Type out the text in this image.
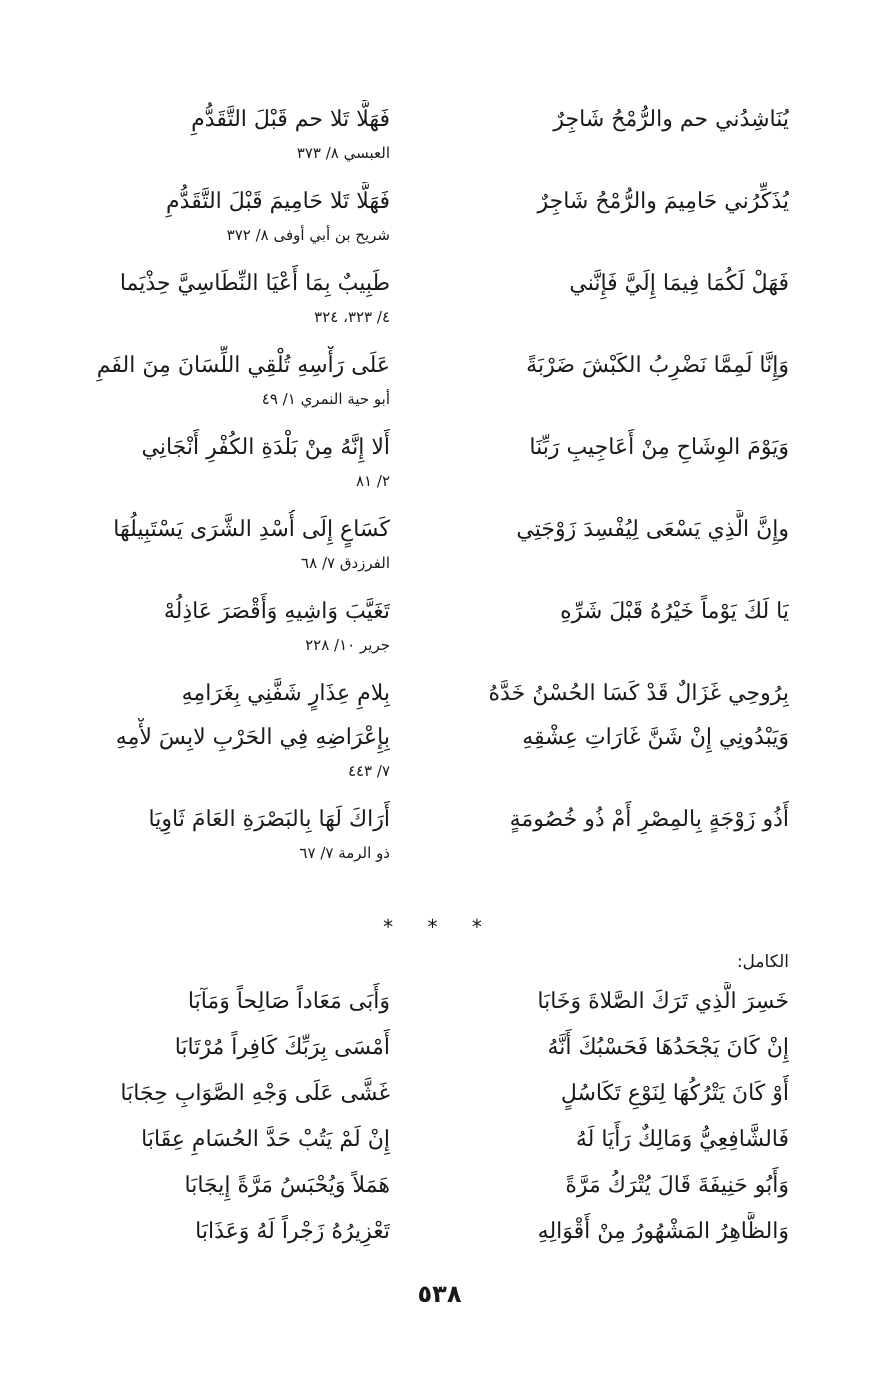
يُنَاشِدُني حم والرُّمْحُ شَاجِرٌ
فَهَلَّا تَلا حم قَبْلَ التَّقَدُّمِ
العبسي ٨/ ٣٧٣
يُذَكِّرُني حَامِيمَ والرُّمْحُ شَاجِرٌ
فَهَلَّا تَلا حَامِيمَ قَبْلَ التَّقَدُّمِ
شريح بن أبي أوفى ٨/ ٣٧٢
فَهَلْ لَكُمَا فِيمَا إِلَيَّ فَإِنَّني
طَبِيبٌ بِمَا أَعْيَا النِّطَاسِيَّ حِذْيَما
٤/ ٣٢٣، ٣٢٤
وَإِنَّا لَمِمَّا نَضْرِبُ الكَبْشَ ضَرْبَةً
عَلَى رَأْسِهِ تُلْقِي اللِّسَانَ مِنَ الفَمِ
أبو حية النمري ١/ ٤٩
وَيَوْمَ الوِشَاحِ مِنْ أَعَاجِيبِ رَبِّنَا
أَلا إِنَّهُ مِنْ بَلْدَةِ الكُفْرِ أَنْجَانِي
٢/ ٨١
وإِنَّ الَّذِي يَسْعَى لِيُفْسِدَ زَوْجَتِي
كَسَاعٍ إِلَى أُسْدِ الشَّرَى يَسْتَبِيلُهَا
الفرزدق ٧/ ٦٨
يَا لَكَ يَوْماً خَيْرُهُ قَبْلَ شَرِّهِ
تَغَيَّبَ وَاشِيهِ وَأَقْصَرَ عَاذِلُهْ
جرير ١٠/ ٢٢٨
بِرُوحِي غَزَالٌ قَدْ كَسَا الحُسْنُ خَدَّهُ
بِلامِ عِذَارٍ شَفَّنِي بِغَرَامِهِ
وَيَبْدُونِي إِنْ شَنَّ غَارَاتِ عِشْقِهِ
بِإِعْرَاضِهِ فِي الحَرْبِ لابِسَ لأْمِهِ
٧/ ٤٤٣
أَذُو زَوْجَةٍ بِالمِصْرِ أَمْ ذُو خُصُومَةٍ
أَرَاكَ لَهَا بِالبَصْرَةِ العَامَ ثَاوِيَا
ذو الرمة ٧/ ٦٧
* * *
الكامل:
خَسِرَ الَّذِي تَرَكَ الصَّلاةَ وَخَابَا
وَأَبَى مَعَاداً صَالِحاً وَمَآبَا
إِنْ كَانَ يَجْحَدُهَا فَحَسْبُكَ أَنَّهُ
أَمْسَى بِرَبِّكَ كَافِراً مُرْتَابَا
أَوْ كَانَ يَتْرُكُهَا لِنَوْعِ تَكَاسُلٍ
غَشَّى عَلَى وَجْهِ الصَّوَابِ حِجَابَا
فَالشَّافِعِيُّ وَمَالِكٌ رَأَيَا لَهُ
إِنْ لَمْ يَتُبْ حَدَّ الحُسَامِ عِقَابَا
وَأَبُو حَنِيفَةَ قَالَ يُتْرَكُ مَرَّةً
هَمَلاً وَيُحْبَسُ مَرَّةً إِيجَابَا
وَالظَّاهِرُ المَشْهُورُ مِنْ أَقْوَالِهِ
تَعْزِيرُهُ زَجْراً لَهُ وَعَذَابَا
٥٣٨
